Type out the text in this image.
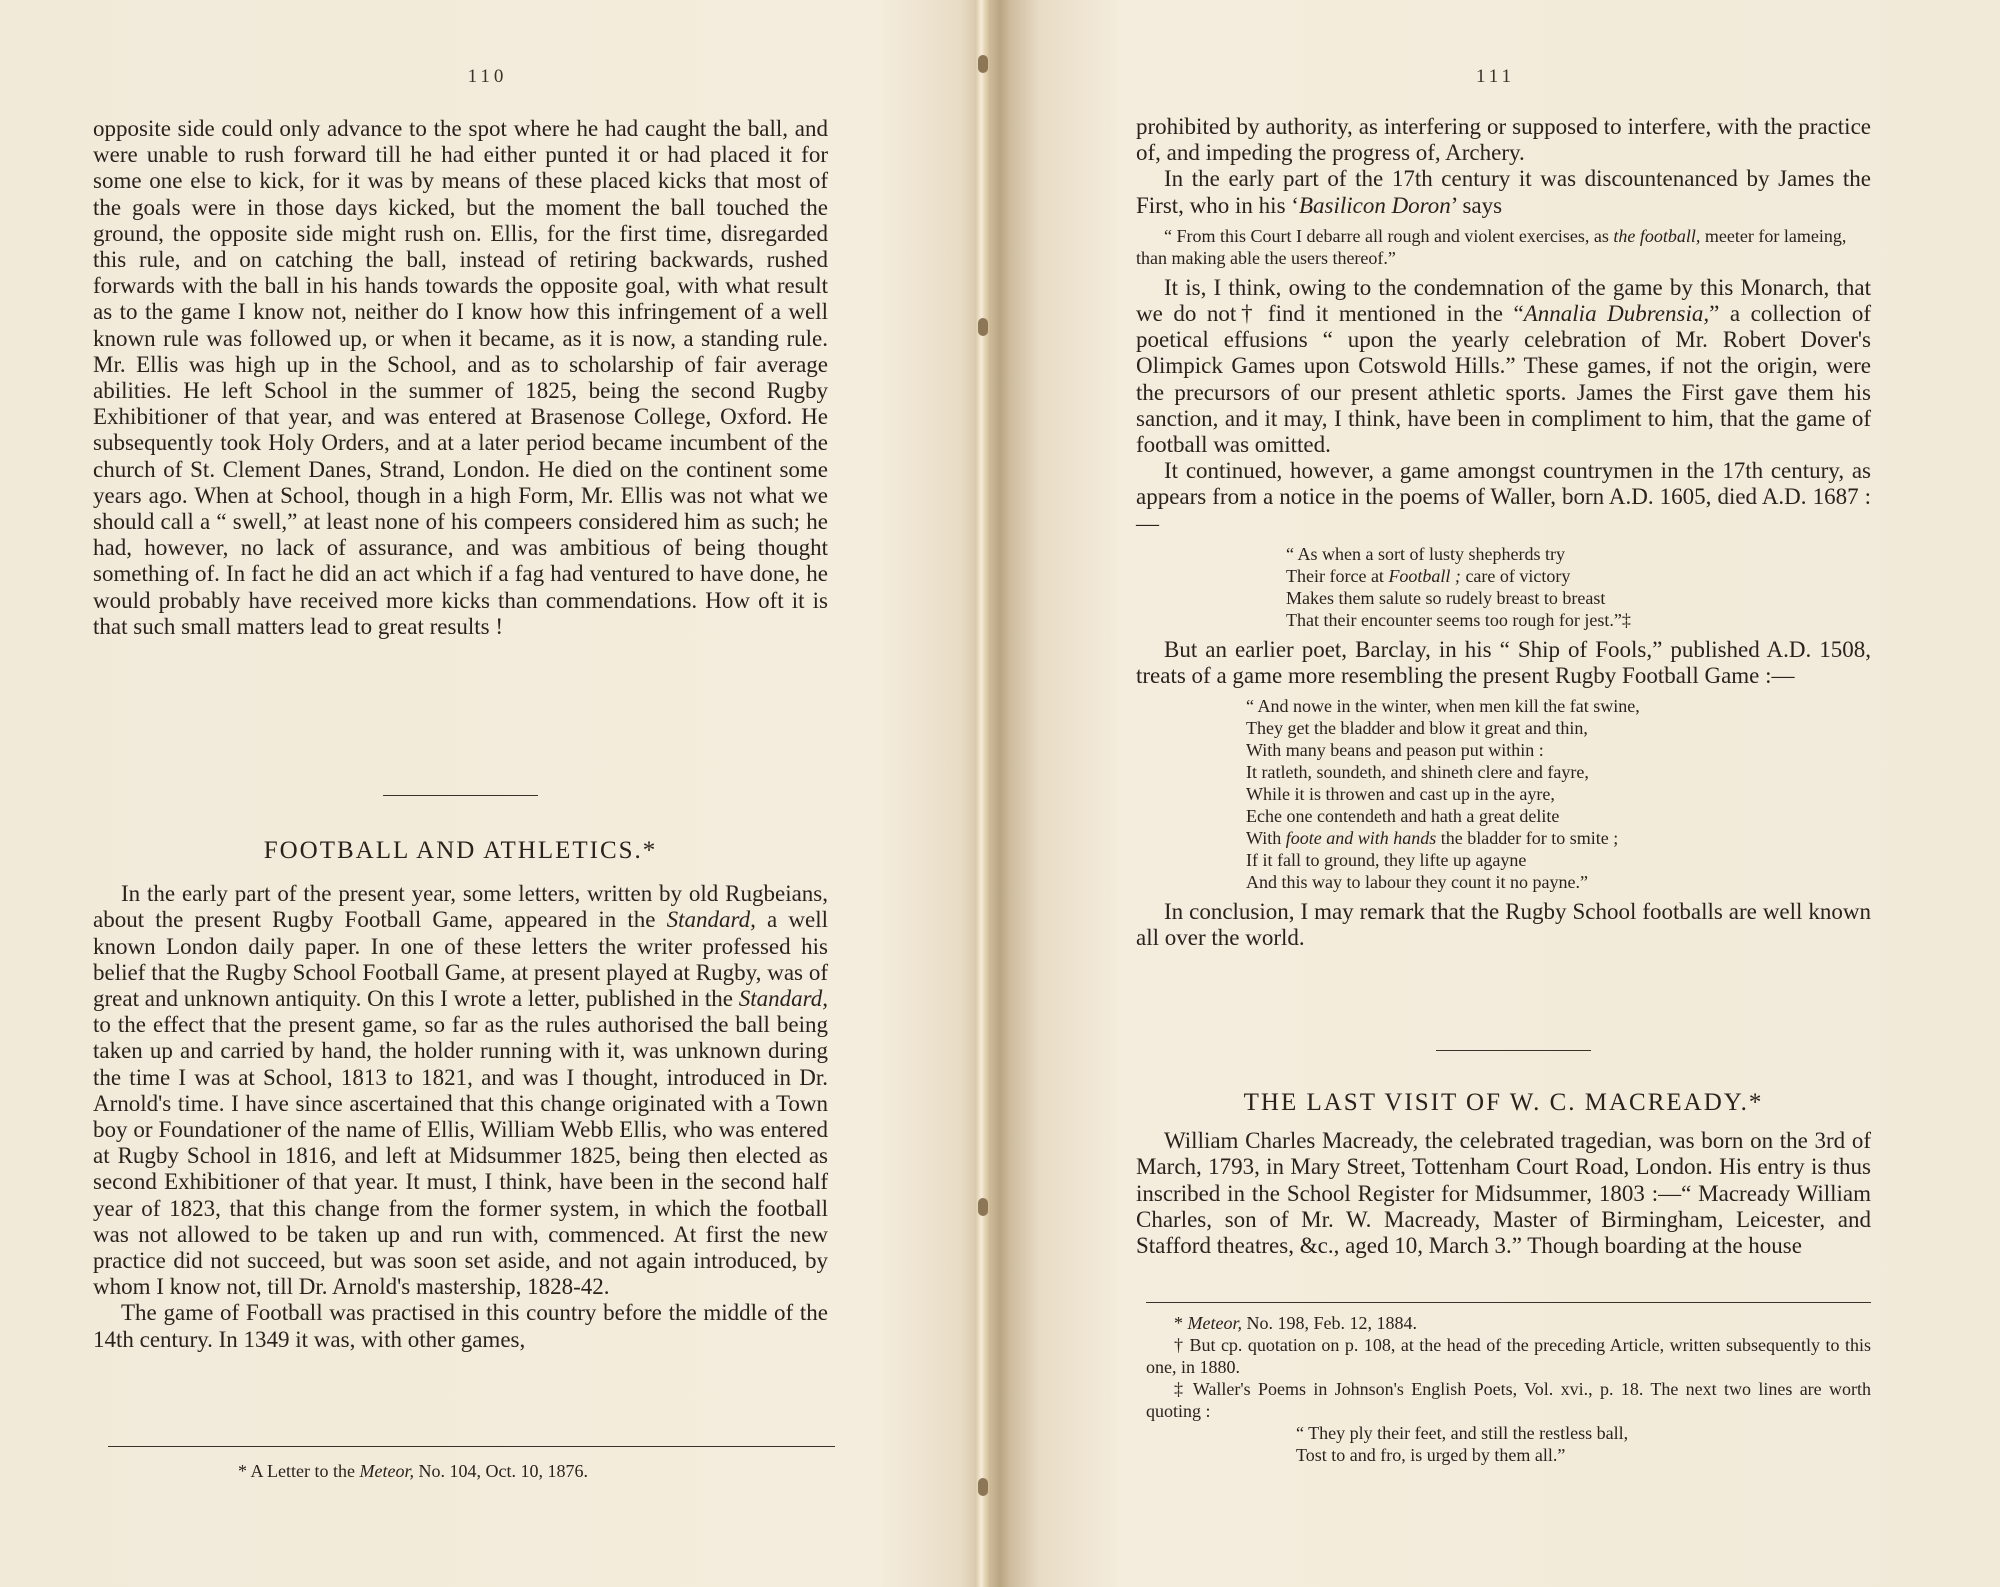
110

opposite side could only advance to the spot where he had caught the ball, and were unable to rush forward till he had either punted it or had placed it for some one else to kick, for it was by means of these placed kicks that most of the goals were in those days kicked, but the moment the ball touched the ground, the opposite side might rush on. Ellis, for the first time, disregarded this rule, and on catching the ball, instead of retiring backwards, rushed forwards with the ball in his hands towards the opposite goal, with what result as to the game I know not, neither do I know how this infringement of a well known rule was followed up, or when it became, as it is now, a standing rule. Mr. Ellis was high up in the School, and as to scholarship of fair average abilities. He left School in the summer of 1825, being the second Rugby Exhibitioner of that year, and was entered at Brasenose College, Oxford. He subsequently took Holy Orders, and at a later period became incumbent of the church of St. Clement Danes, Strand, London. He died on the continent some years ago. When at School, though in a high Form, Mr. Ellis was not what we should call a “ swell,” at least none of his compeers considered him as such; he had, however, no lack of assurance, and was ambitious of being thought something of. In fact he did an act which if a fag had ventured to have done, he would probably have received more kicks than commendations. How oft it is that such small matters lead to great results !

FOOTBALL AND ATHLETICS.*

In the early part of the present year, some letters, written by old Rugbeians, about the present Rugby Football Game, appeared in the Standard, a well known London daily paper. In one of these letters the writer professed his belief that the Rugby School Football Game, at present played at Rugby, was of great and unknown antiquity. On this I wrote a letter, published in the Standard, to the effect that the present game, so far as the rules authorised the ball being taken up and carried by hand, the holder running with it, was unknown during the time I was at School, 1813 to 1821, and was I thought, introduced in Dr. Arnold's time. I have since ascertained that this change originated with a Town boy or Foundationer of the name of Ellis, William Webb Ellis, who was entered at Rugby School in 1816, and left at Midsummer 1825, being then elected as second Exhibitioner of that year. It must, I think, have been in the second half year of 1823, that this change from the former system, in which the football was not allowed to be taken up and run with, commenced. At first the new practice did not succeed, but was soon set aside, and not again introduced, by whom I know not, till Dr. Arnold's mastership, 1828-42.

The game of Football was practised in this country before the middle of the 14th century. In 1349 it was, with other games,

* A Letter to the Meteor, No. 104, Oct. 10, 1876.
111

prohibited by authority, as interfering or supposed to interfere, with the practice of, and impeding the progress of, Archery.

In the early part of the 17th century it was discountenanced by James the First, who in his ‘Basilicon Doron’ says

“ From this Court I debarre all rough and violent exercises, as the football, meeter for lameing, than making able the users thereof.”

It is, I think, owing to the condemnation of the game by this Monarch, that we do not† find it mentioned in the “Annalia Dubrensia,” a collection of poetical effusions “ upon the yearly celebration of Mr. Robert Dover's Olimpick Games upon Cotswold Hills.” These games, if not the origin, were the precursors of our present athletic sports. James the First gave them his sanction, and it may, I think, have been in compliment to him, that the game of football was omitted.

It continued, however, a game amongst countrymen in the 17th century, as appears from a notice in the poems of Waller, born A.D. 1605, died A.D. 1687 :—

“ As when a sort of lusty shepherds try
Their force at Football ; care of victory
Makes them salute so rudely breast to breast
That their encounter seems too rough for jest.”‡

But an earlier poet, Barclay, in his “ Ship of Fools,” published A.D. 1508, treats of a game more resembling the present Rugby Football Game :—

“ And nowe in the winter, when men kill the fat swine,
They get the bladder and blow it great and thin,
With many beans and peason put within :
It ratleth, soundeth, and shineth clere and fayre,
While it is throwen and cast up in the ayre,
Eche one contendeth and hath a great delite
With foote and with hands the bladder for to smite ;
If it fall to ground, they lifte up agayne
And this way to labour they count it no payne.”

In conclusion, I may remark that the Rugby School footballs are well known all over the world.

THE LAST VISIT OF W. C. MACREADY.*

William Charles Macready, the celebrated tragedian, was born on the 3rd of March, 1793, in Mary Street, Tottenham Court Road, London. His entry is thus inscribed in the School Register for Midsummer, 1803 :—“ Macready William Charles, son of Mr. W. Macready, Master of Birmingham, Leicester, and Stafford theatres, &c., aged 10, March 3.” Though boarding at the house

* Meteor, No. 198, Feb. 12, 1884.
† But cp. quotation on p. 108, at the head of the preceding Article, written subsequently to this one, in 1880.
‡ Waller's Poems in Johnson's English Poets, Vol. xvi., p. 18. The next two lines are worth quoting :
“ They ply their feet, and still the restless ball,
Tost to and fro, is urged by them all.”
